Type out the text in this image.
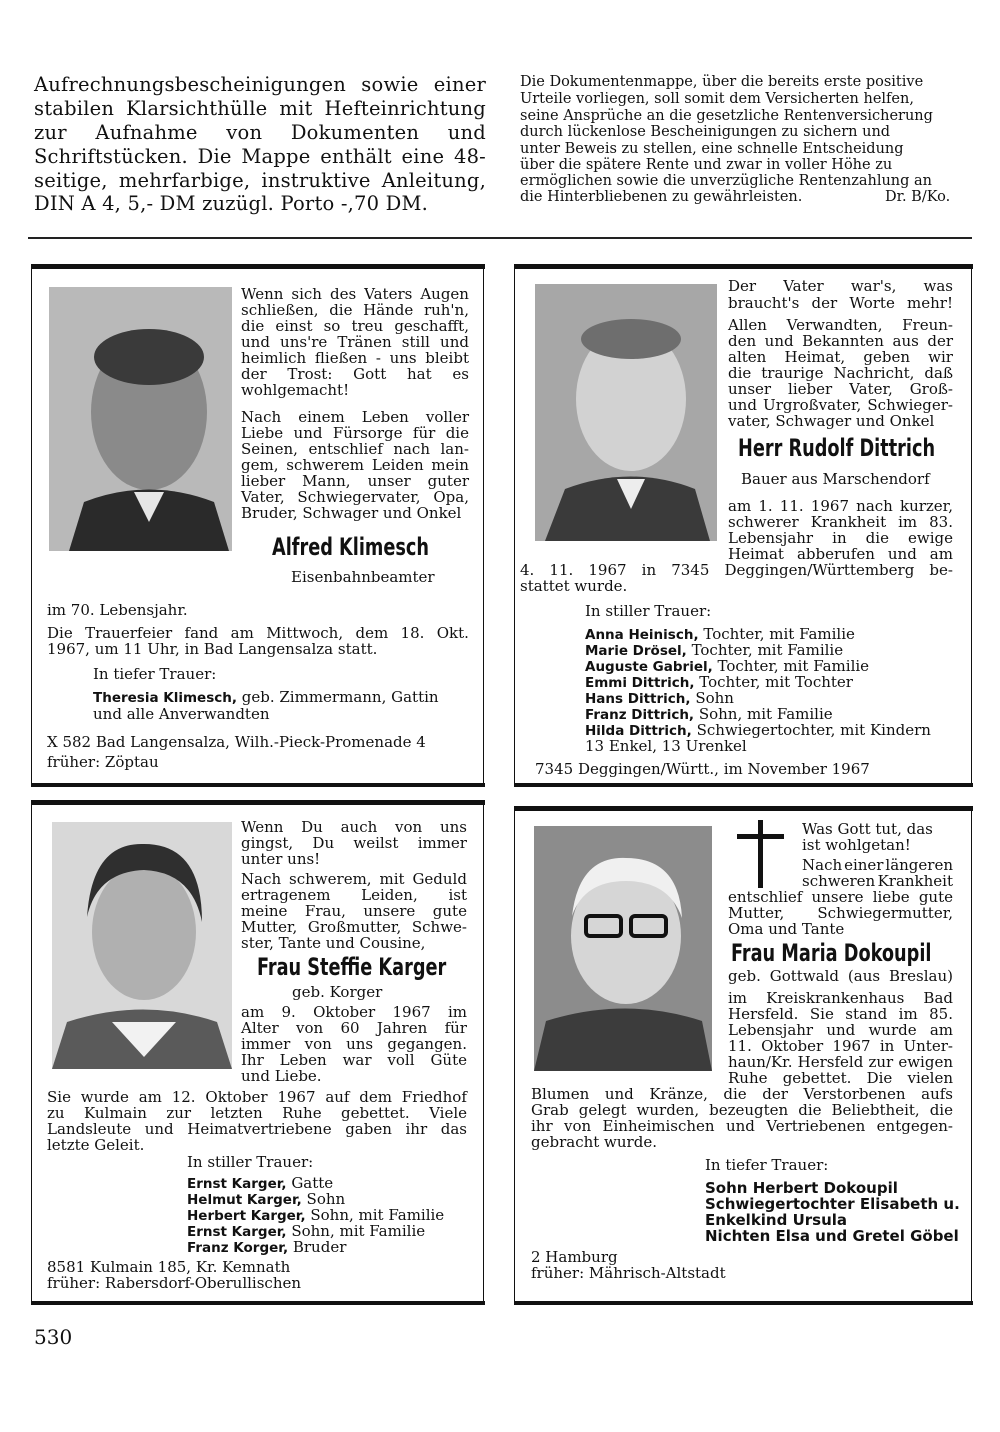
Aufrechnungsbescheinigungen sowie einer
stabilen Klarsichthülle mit Hefteinrichtung
zur Aufnahme von Dokumenten und
Schriftstücken. Die Mappe enthält eine 48-
seitige, mehrfarbige, instruktive Anleitung,
DIN A 4, 5,- DM zuzügl. Porto -,70 DM.
Die Dokumentenmappe, über die bereits erste positive
Urteile vorliegen, soll somit dem Versicherten helfen,
seine Ansprüche an die gesetzliche Rentenversicherung
durch lückenlose Bescheinigungen zu sichern und
unter Beweis zu stellen, eine schnelle Entscheidung
über die spätere Rente und zwar in voller Höhe zu
ermöglichen sowie die unverzügliche Rentenzahlung an
die Hinterbliebenen zu gewährleisten.	Dr. B/Ko.
Wenn sich des Vaters Augen
schließen, die Hände ruh'n,
die einst so treu geschafft,
und uns're Tränen still und
heimlich fließen - uns bleibt
der Trost: Gott hat es
wohlgemacht!
Nach einem Leben voller
Liebe und Fürsorge für die
Seinen, entschlief nach lan-
gem, schwerem Leiden mein
lieber Mann, unser guter
Vater, Schwiegervater, Opa,
Bruder, Schwager und Onkel
Alfred Klimesch
Eisenbahnbeamter
im 70. Lebensjahr.
Die Trauerfeier fand am Mittwoch, dem 18. Okt.
1967, um 11 Uhr, in Bad Langensalza statt.
In tiefer Trauer:
Theresia Klimesch, geb. Zimmermann, Gattin
und alle Anverwandten
X 582 Bad Langensalza, Wilh.-Pieck-Promenade 4
früher: Zöptau
Der Vater war's, was
braucht's der Worte mehr!
Allen Verwandten, Freun-
den und Bekannten aus der
alten Heimat, geben wir
die traurige Nachricht, daß
unser lieber Vater, Groß-
und Urgroßvater, Schwieger-
vater, Schwager und Onkel
Herr Rudolf Dittrich
Bauer aus Marschendorf
am 1. 11. 1967 nach kurzer,
schwerer Krankheit im 83.
Lebensjahr in die ewige
Heimat abberufen und am
4. 11. 1967 in 7345 Deggingen/Württemberg be-
stattet wurde.
In stiller Trauer:
Anna Heinisch, Tochter, mit Familie
Marie Drösel, Tochter, mit Familie
Auguste Gabriel, Tochter, mit Familie
Emmi Dittrich, Tochter, mit Tochter
Hans Dittrich, Sohn
Franz Dittrich, Sohn, mit Familie
Hilda Dittrich, Schwiegertochter, mit Kindern
13 Enkel, 13 Urenkel
7345 Deggingen/Württ., im November 1967
Wenn Du auch von uns
gingst, Du weilst immer
unter uns!
Nach schwerem, mit Geduld
ertragenem Leiden, ist
meine Frau, unsere gute
Mutter, Großmutter, Schwe-
ster, Tante und Cousine,
Frau Steffie Karger
geb. Korger
am 9. Oktober 1967 im
Alter von 60 Jahren für
immer von uns gegangen.
Ihr Leben war voll Güte
und Liebe.
Sie wurde am 12. Oktober 1967 auf dem Friedhof
zu Kulmain zur letzten Ruhe gebettet. Viele
Landsleute und Heimatvertriebene gaben ihr das
letzte Geleit.
In stiller Trauer:
Ernst Karger, Gatte
Helmut Karger, Sohn
Herbert Karger, Sohn, mit Familie
Ernst Karger, Sohn, mit Familie
Franz Korger, Bruder
8581 Kulmain 185, Kr. Kemnath
früher: Rabersdorf-Oberullischen
Was Gott tut, das
ist wohlgetan!
Nach einer längeren
schweren Krankheit
entschlief unsere liebe gute
Mutter, Schwiegermutter,
Oma und Tante
Frau Maria Dokoupil
geb. Gottwald (aus Breslau)
im Kreiskrankenhaus Bad
Hersfeld. Sie stand im 85.
Lebensjahr und wurde am
11. Oktober 1967 in Unter-
haun/Kr. Hersfeld zur ewigen
Ruhe gebettet. Die vielen
Blumen und Kränze, die der Verstorbenen aufs
Grab gelegt wurden, bezeugten die Beliebtheit, die
ihr von Einheimischen und Vertriebenen entgegen-
gebracht wurde.
In tiefer Trauer:
Sohn Herbert Dokoupil
Schwiegertochter Elisabeth u.
Enkelkind Ursula
Nichten Elsa und Gretel Göbel
2 Hamburg
früher: Mährisch-Altstadt
530
